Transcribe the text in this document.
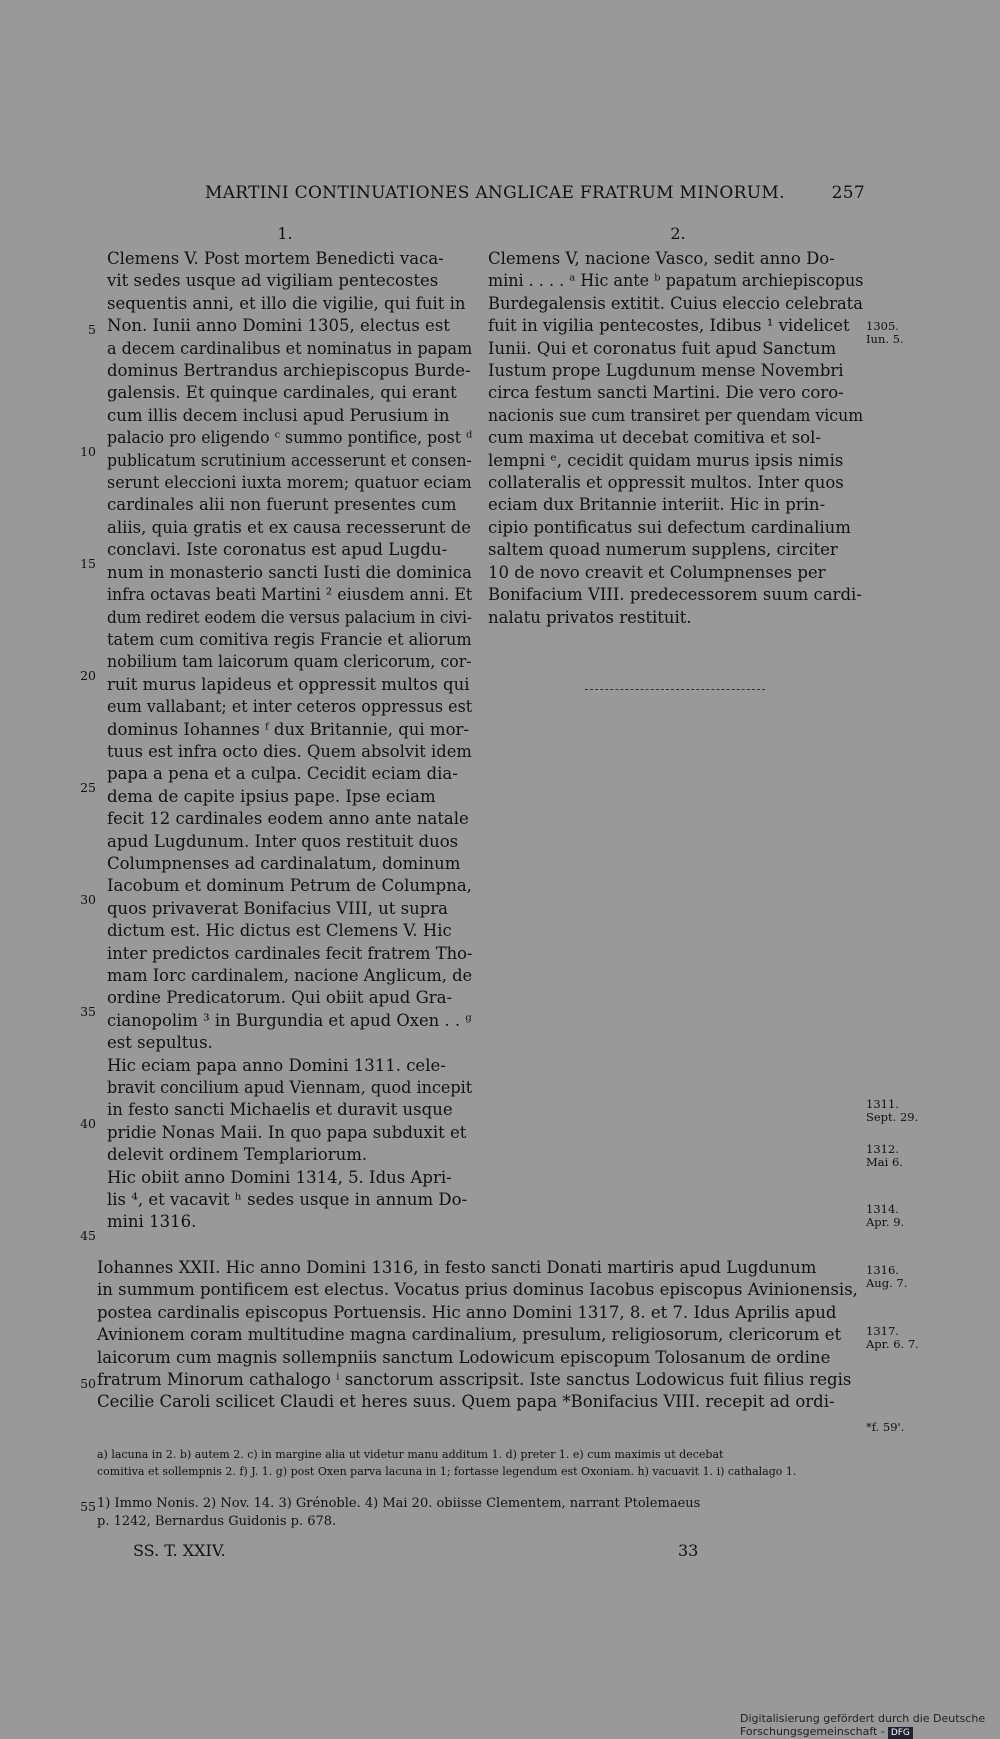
MARTINI CONTINUATIONES ANGLICAE FRATRUM MINORUM.	257
1.	2.
Clemens V. Post mortem Benedicti vaca-
vit sedes usque ad vigiliam pentecostes
sequentis anni, et illo die vigilie, qui fuit in
Non. Iunii anno Domini 1305, electus est
a decem cardinalibus et nominatus in papam
dominus Bertrandus archiepiscopus Burde-
galensis. Et quinque cardinales, qui erant
cum illis decem inclusi apud Perusium in
palacio pro eligendo ᶜ summo pontifice, post ᵈ
publicatum scrutinium accesserunt et consen-
serunt eleccioni iuxta morem; quatuor eciam
cardinales alii non fuerunt presentes cum
aliis, quia gratis et ex causa recesserunt de
conclavi. Iste coronatus est apud Lugdu-
num in monasterio sancti Iusti die dominica
infra octavas beati Martini ² eiusdem anni. Et
dum rediret eodem die versus palacium in civi-
tatem cum comitiva regis Francie et aliorum
nobilium tam laicorum quam clericorum, cor-
ruit murus lapideus et oppressit multos qui
eum vallabant; et inter ceteros oppressus est
dominus Iohannes ᶠ dux Britannie, qui mor-
tuus est infra octo dies. Quem absolvit idem
papa a pena et a culpa. Cecidit eciam dia-
dema de capite ipsius pape. Ipse eciam
fecit 12 cardinales eodem anno ante natale
apud Lugdunum. Inter quos restituit duos
Columpnenses ad cardinalatum, dominum
Iacobum et dominum Petrum de Columpna,
quos privaverat Bonifacius VIII, ut supra
dictum est. Hic dictus est Clemens V. Hic
inter predictos cardinales fecit fratrem Tho-
mam Iorc cardinalem, nacione Anglicum, de
ordine Predicatorum. Qui obiit apud Gra-
cianopolim ³ in Burgundia et apud Oxen . . ᵍ
est sepultus.
Hic eciam papa anno Domini 1311. cele-
bravit concilium apud Viennam, quod incepit
in festo sancti Michaelis et duravit usque
pridie Nonas Maii. In quo papa subduxit et
delevit ordinem Templariorum.
Hic obiit anno Domini 1314, 5. Idus Apri-
lis ⁴, et vacavit ʰ sedes usque in annum Do-
mini 1316.
Clemens V, nacione Vasco, sedit anno Do-
mini . . . . ᵃ Hic ante ᵇ papatum archiepiscopus
Burdegalensis extitit. Cuius eleccio celebrata
fuit in vigilia pentecostes, Idibus ¹ videlicet
Iunii. Qui et coronatus fuit apud Sanctum
Iustum prope Lugdunum mense Novembri
circa festum sancti Martini. Die vero coro-
nacionis sue cum transiret per quendam vicum
cum maxima ut decebat comitiva et sol-
lempni ᵉ, cecidit quidam murus ipsis nimis
collateralis et oppressit multos. Inter quos
eciam dux Britannie interiit. Hic in prin-
cipio pontificatus sui defectum cardinalium
saltem quoad numerum supplens, circiter
10 de novo creavit et Columpnenses per
Bonifacium VIII. predecessorem suum cardi-
nalatu privatos restituit.
Iohannes XXII. Hic anno Domini 1316, in festo sancti Donati martiris apud Lugdunum
in summum pontificem est electus. Vocatus prius dominus Iacobus episcopus Avinionensis,
postea cardinalis episcopus Portuensis. Hic anno Domini 1317, 8. et 7. Idus Aprilis apud
Avinionem coram multitudine magna cardinalium, presulum, religiosorum, clericorum et
laicorum cum magnis sollempniis sanctum Lodowicum episcopum Tolosanum de ordine
fratrum Minorum cathalogo ⁱ sanctorum asscripsit. Iste sanctus Lodowicus fuit filius regis
Cecilie Caroli scilicet Claudi et heres suus. Quem papa *Bonifacius VIII. recepit ad ordi-
5
10
15
20
25
30
35
40
45
50
55
1305.
Iun. 5.
1311.
Sept. 29.
1312.
Mai 6.
1314.
Apr. 9.
1316.
Aug. 7.
1317.
Apr. 6. 7.
*f. 59'.
a) lacuna in 2. b) autem 2. c) in margine alia ut videtur manu additum 1. d) preter 1. e) cum maximis ut decebat
comitiva et sollempnis 2. f) J. 1. g) post Oxen parva lacuna in 1; fortasse legendum est Oxoniam. h) vacuavit 1. i) cathalago 1.
1) Immo Nonis. 2) Nov. 14. 3) Grénoble. 4) Mai 20. obiisse Clementem, narrant Ptolemaeus
p. 1242, Bernardus Guidonis p. 678.
SS. T. XXIV.	33
Digitalisierung gefördert durch die Deutsche Forschungsgemeinschaft - DFG
